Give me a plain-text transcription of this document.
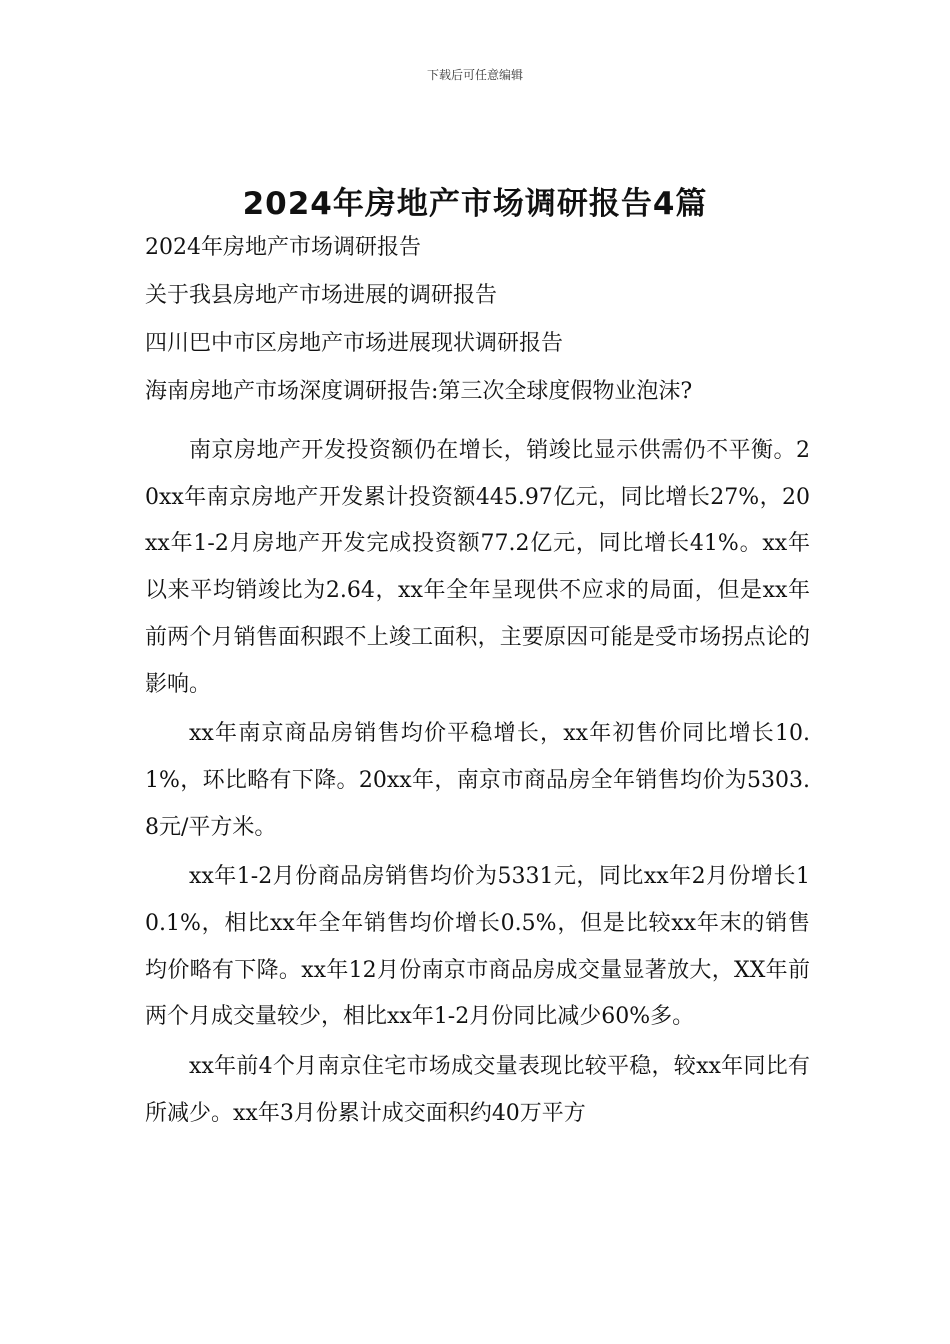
下载后可任意编辑
2024年房地产市场调研报告4篇
2024年房地产市场调研报告
关于我县房地产市场进展的调研报告
四川巴中市区房地产市场进展现状调研报告
海南房地产市场深度调研报告:第三次全球度假物业泡沫?

南京房地产开发投资额仍在增长，销竣比显示供需仍不平衡。20xx年南京房地产开发累计投资额445.97亿元，同比增长27%，20xx年1-2月房地产开发完成投资额77.2亿元，同比增长41%。xx年以来平均销竣比为2.64，xx年全年呈现供不应求的局面，但是xx年前两个月销售面积跟不上竣工面积，主要原因可能是受市场拐点论的影响。

xx年南京商品房销售均价平稳增长，xx年初售价同比增长10.1%，环比略有下降。20xx年，南京市商品房全年销售均价为5303.8元/平方米。

xx年1-2月份商品房销售均价为5331元，同比xx年2月份增长10.1%，相比xx年全年销售均价增长0.5%，但是比较xx年末的销售均价略有下降。xx年12月份南京市商品房成交量显著放大，XX年前两个月成交量较少，相比xx年1-2月份同比减少60%多。

xx年前4个月南京住宅市场成交量表现比较平稳，较xx年同比有所减少。xx年3月份累计成交面积约40万平方
